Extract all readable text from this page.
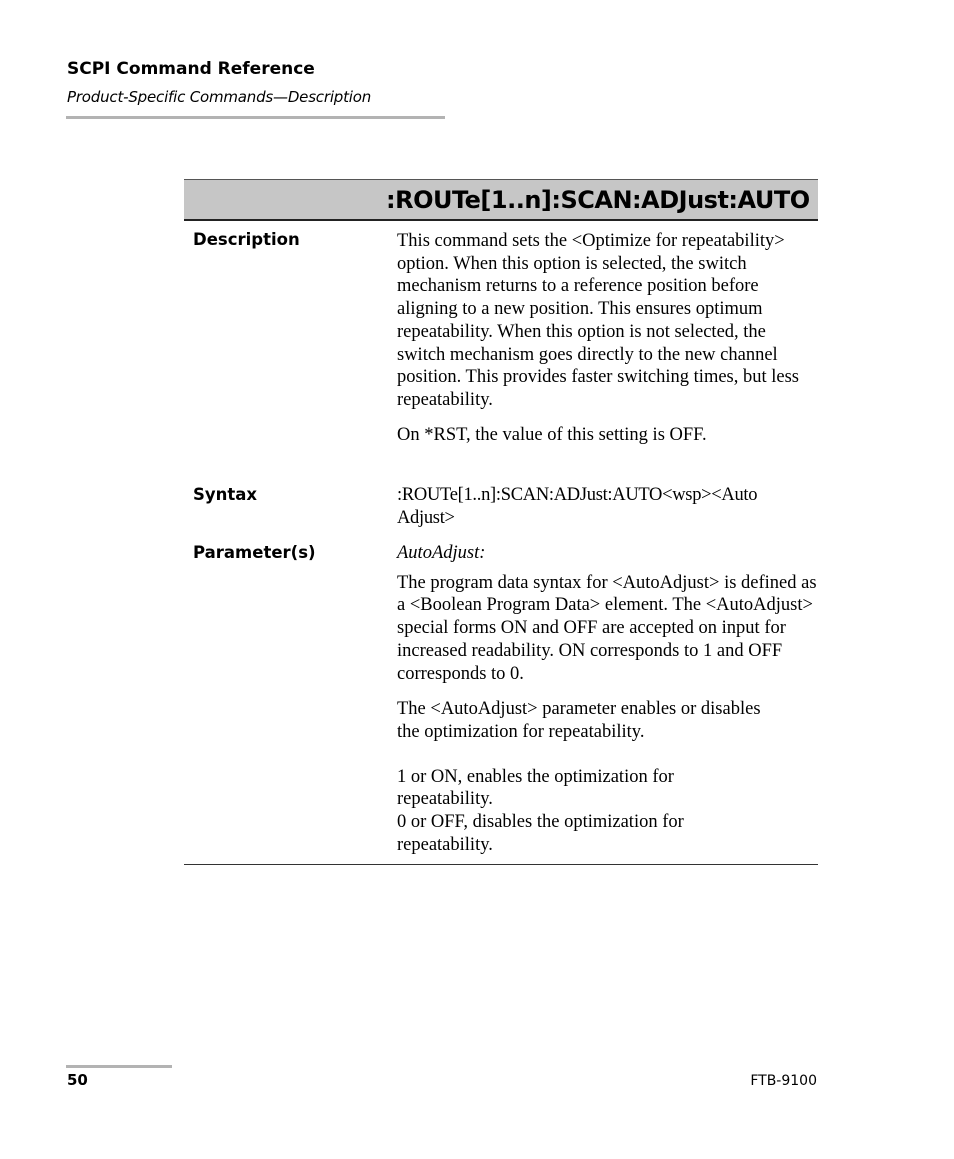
SCPI Command Reference
Product-Specific Commands—Description
:ROUTe[1..n]:SCAN:ADJust:AUTO
Description	This command sets the <Optimize for repeatability> option. When this option is selected, the switch mechanism returns to a reference position before aligning to a new position. This ensures optimum repeatability. When this option is not selected, the switch mechanism goes directly to the new channel position. This provides faster switching times, but less repeatability.

On *RST, the value of this setting is OFF.

Syntax	:ROUTe[1..n]:SCAN:ADJust:AUTO<wsp><Auto Adjust>

Parameter(s)	AutoAdjust:

The program data syntax for <AutoAdjust> is defined as a <Boolean Program Data> element. The <AutoAdjust> special forms ON and OFF are accepted on input for increased readability. ON corresponds to 1 and OFF corresponds to 0.

The <AutoAdjust> parameter enables or disables the optimization for repeatability.

1 or ON, enables the optimization for repeatability.

0 or OFF, disables the optimization for repeatability.

50	FTB-9100
